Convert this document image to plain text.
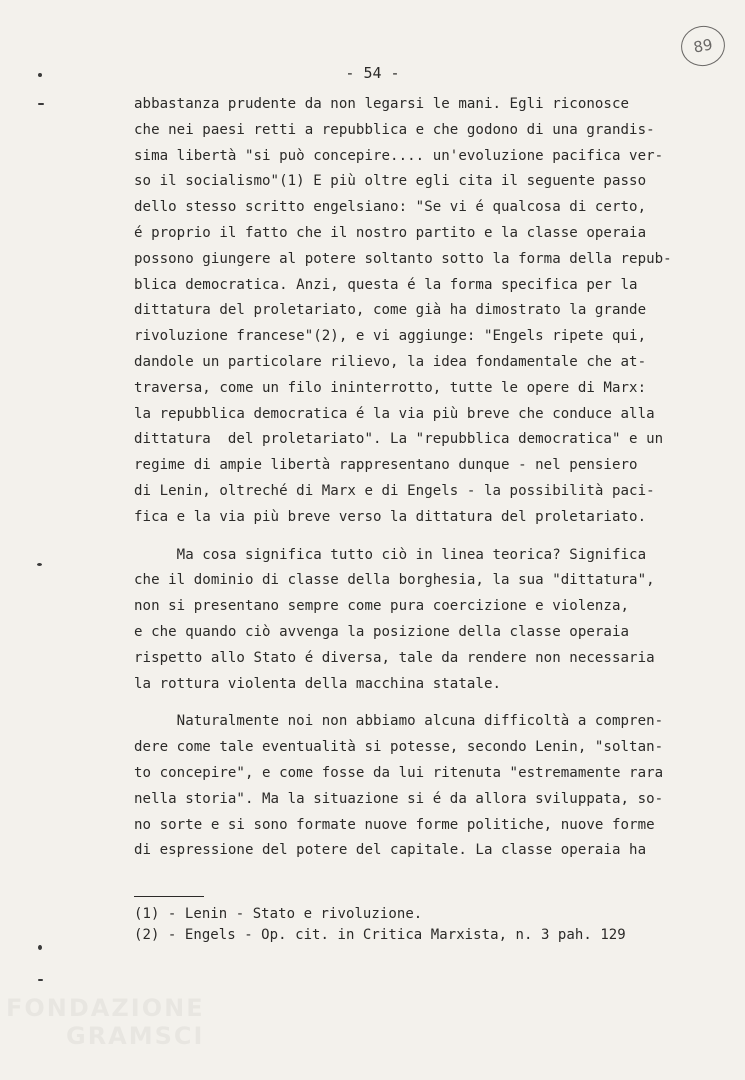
89
- 54 -
abbastanza prudente da non legarsi le mani. Egli riconosce
che nei paesi retti a repubblica e che godono di una grandis-
sima libertà "si può concepire.... un'evoluzione pacifica ver-
so il socialismo"(1) E più oltre egli cita il seguente passo
dello stesso scritto engelsiano: "Se vi é qualcosa di certo,
é proprio il fatto che il nostro partito e la classe operaia
possono giungere al potere soltanto sotto la forma della repub-
blica democratica. Anzi, questa é la forma specifica per la
dittatura del proletariato, come già ha dimostrato la grande
rivoluzione francese"(2), e vi aggiunge: "Engels ripete qui,
dandole un particolare rilievo, la idea fondamentale che at-
traversa, come un filo ininterrotto, tutte le opere di Marx:
la repubblica democratica é la via più breve che conduce alla
dittatura  del proletariato". La "repubblica democratica" e un
regime di ampie libertà rappresentano dunque - nel pensiero
di Lenin, oltreché di Marx e di Engels - la possibilità paci-
fica e la via più breve verso la dittatura del proletariato.
Ma cosa significa tutto ciò in linea teorica? Significa
che il dominio di classe della borghesia, la sua "dittatura",
non si presentano sempre come pura coercizione e violenza,
e che quando ciò avvenga la posizione della classe operaia
rispetto allo Stato é diversa, tale da rendere non necessaria
la rottura violenta della macchina statale.
Naturalmente noi non abbiamo alcuna difficoltà a compren-
dere come tale eventualità si potesse, secondo Lenin, "soltan-
to concepire", e come fosse da lui ritenuta "estremamente rara
nella storia". Ma la situazione si é da allora sviluppata, so-
no sorte e si sono formate nuove forme politiche, nuove forme
di espressione del potere del capitale. La classe operaia ha
(1) - Lenin - Stato e rivoluzione.
(2) - Engels - Op. cit. in Critica Marxista, n. 3 pah. 129
